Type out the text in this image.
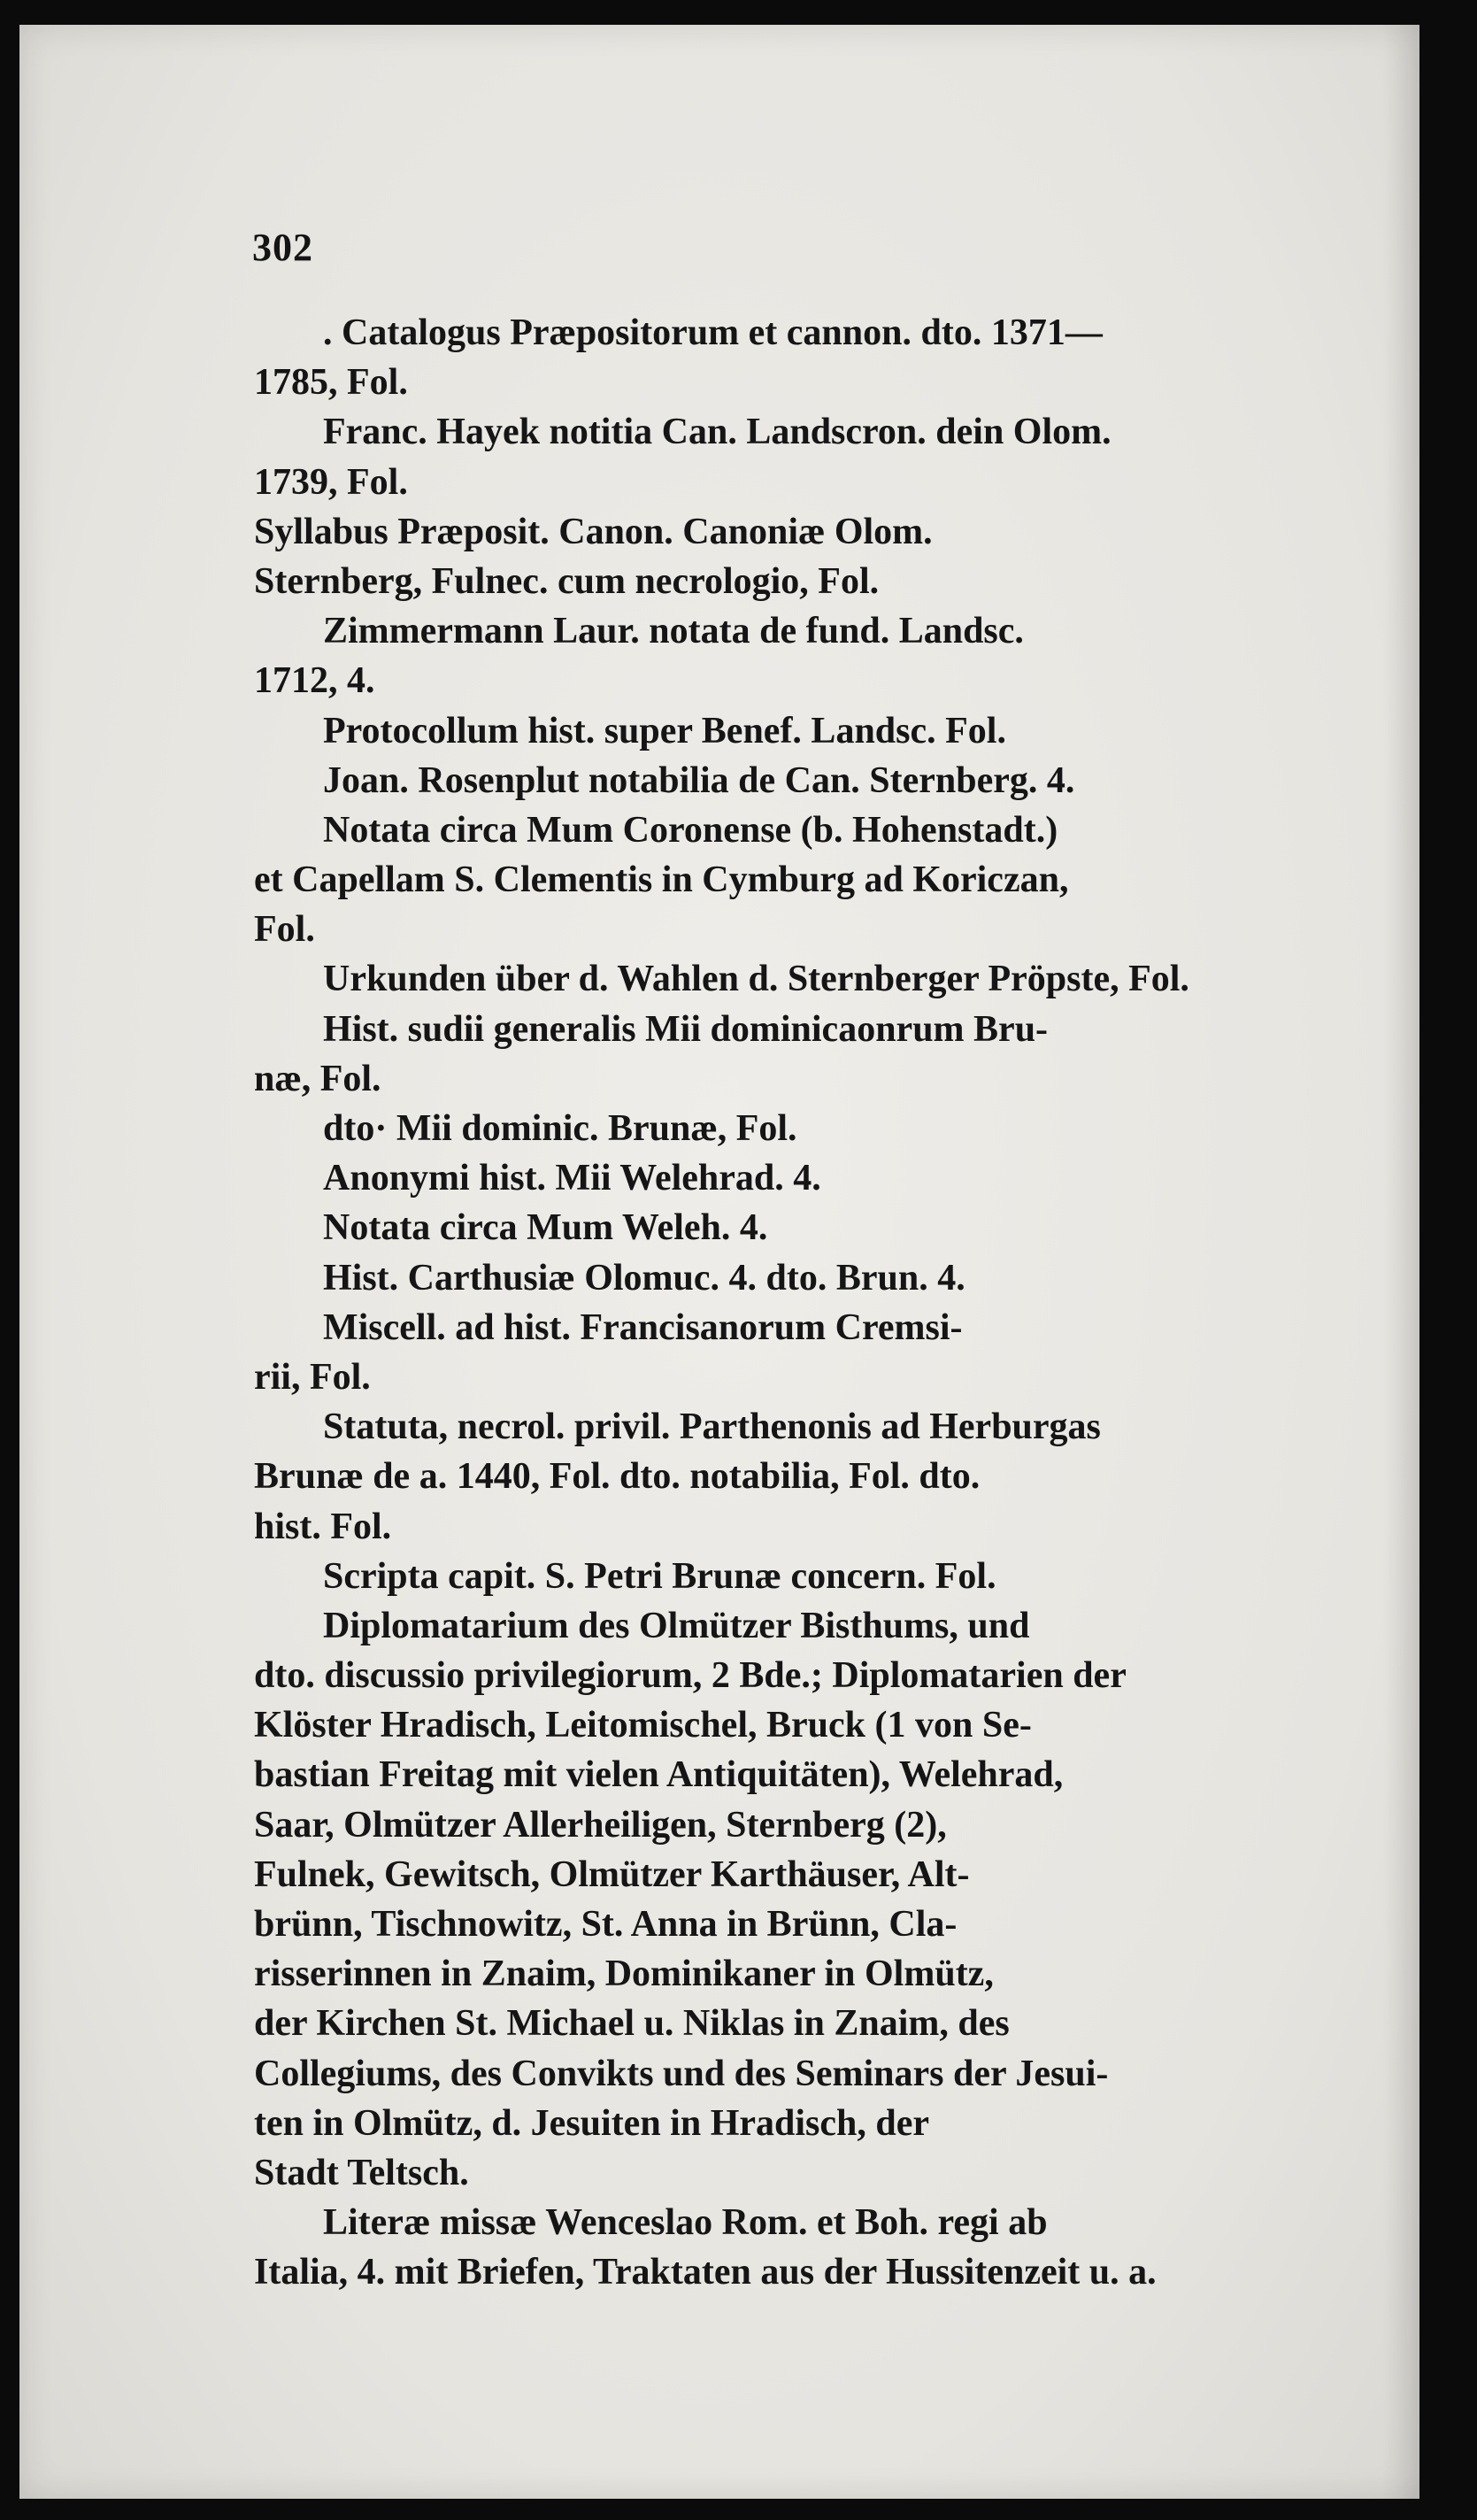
302
. Catalogus Præpositorum et cannon. dto. 1371—
1785, Fol.
Franc. Hayek notitia Can. Landscron. dein Olom.
1739, Fol.
Syllabus Præposit. Canon. Canoniæ Olom.
Sternberg, Fulnec. cum necrologio, Fol.
Zimmermann Laur. notata de fund. Landsc.
1712, 4.
Protocollum hist. super Benef. Landsc. Fol.
Joan. Rosenplut notabilia de Can. Sternberg. 4.
Notata circa Mum Coronense (b. Hohenstadt.)
et Capellam S. Clementis in Cymburg ad Koriczan,
Fol.
Urkunden über d. Wahlen d. Sternberger Pröpste, Fol.
Hist. sudii generalis Mii dominicaonrum Bru-
næ, Fol.
dto· Mii dominic. Brunæ, Fol.
Anonymi hist. Mii Welehrad. 4.
Notata circa Mum Weleh. 4.
Hist. Carthusiæ Olomuc. 4. dto. Brun. 4.
Miscell. ad hist. Francisanorum Cremsi-
rii, Fol.
Statuta, necrol. privil. Parthenonis ad Herburgas
Brunæ de a. 1440, Fol. dto. notabilia, Fol. dto.
hist. Fol.
Scripta capit. S. Petri Brunæ concern. Fol.
Diplomatarium des Olmützer Bisthums, und
dto. discussio privilegiorum, 2 Bde.; Diplomatarien der
Klöster Hradisch, Leitomischel, Bruck (1 von Se-
bastian Freitag mit vielen Antiquitäten), Welehrad,
Saar, Olmützer Allerheiligen, Sternberg (2),
Fulnek, Gewitsch, Olmützer Karthäuser, Alt-
brünn, Tischnowitz, St. Anna in Brünn, Cla-
risserinnen in Znaim, Dominikaner in Olmütz,
der Kirchen St. Michael u. Niklas in Znaim, des
Collegiums, des Convikts und des Seminars der Jesui-
ten in Olmütz, d. Jesuiten in Hradisch, der
Stadt Teltsch.
Literæ missæ Wenceslao Rom. et Boh. regi ab
Italia, 4. mit Briefen, Traktaten aus der Hussitenzeit u. a.
